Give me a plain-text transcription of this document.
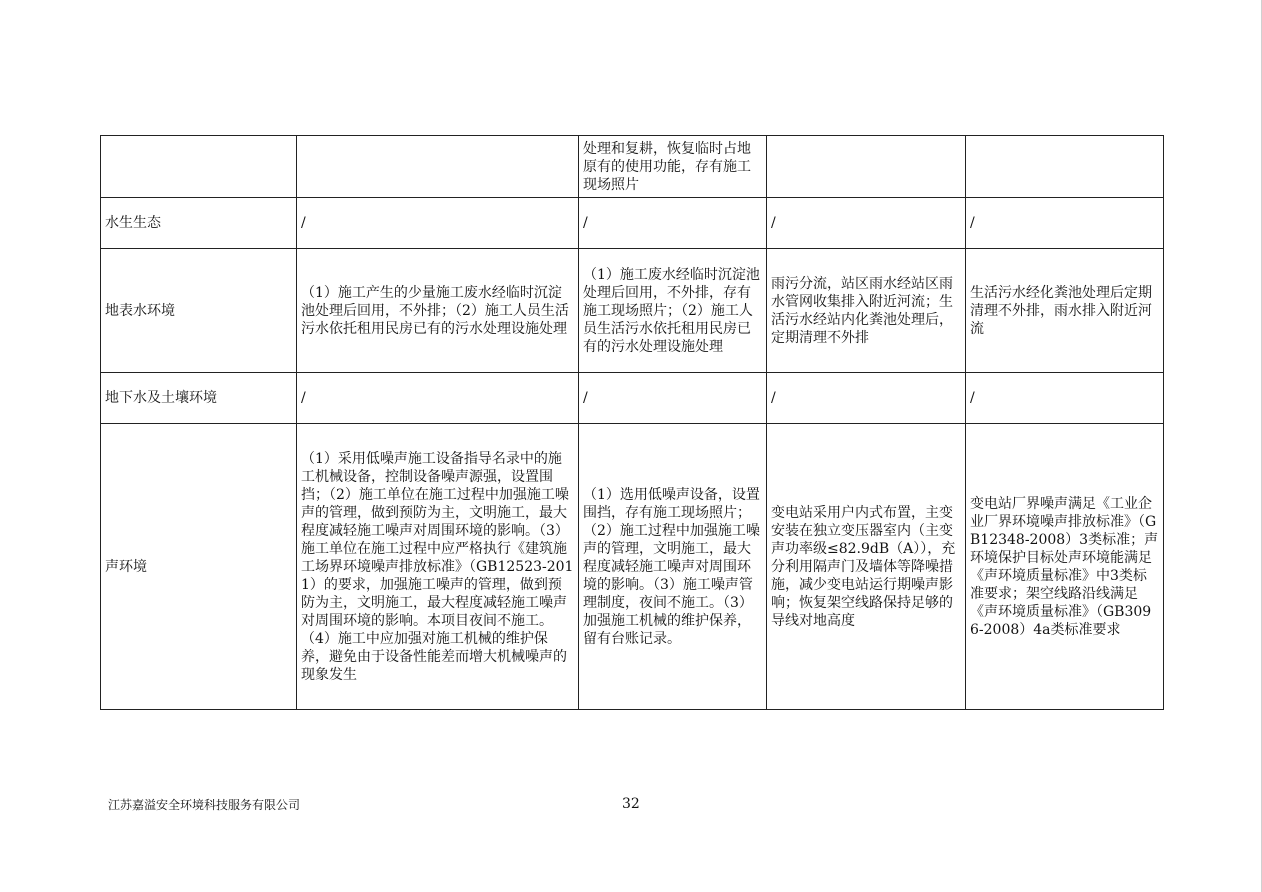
		处理和复耕，恢复临时占地原有的使用功能，存有施工现场照片		
水生生态	/	/	/	/
地表水环境	（1）施工产生的少量施工废水经临时沉淀池处理后回用，不外排；（2）施工人员生活污水依托租用民房已有的污水处理设施处理	（1）施工废水经临时沉淀池处理后回用，不外排，存有施工现场照片；（2）施工人员生活污水依托租用民房已有的污水处理设施处理	雨污分流，站区雨水经站区雨水管网收集排入附近河流；生活污水经站内化粪池处理后，定期清理不外排	生活污水经化粪池处理后定期清理不外排，雨水排入附近河流
地下水及土壤环境	/	/	/	/
声环境	（1）采用低噪声施工设备指导名录中的施工机械设备，控制设备噪声源强，设置围挡；（2）施工单位在施工过程中加强施工噪声的管理，做到预防为主，文明施工，最大程度减轻施工噪声对周围环境的影响。（3）施工单位在施工过程中应严格执行《建筑施工场界环境噪声排放标准》（GB12523-2011）的要求，加强施工噪声的管理，做到预防为主，文明施工，最大程度减轻施工噪声对周围环境的影响。本项目夜间不施工。（4）施工中应加强对施工机械的维护保养，避免由于设备性能差而增大机械噪声的现象发生	（1）选用低噪声设备，设置围挡，存有施工现场照片；（2）施工过程中加强施工噪声的管理，文明施工，最大程度减轻施工噪声对周围环境的影响。（3）施工噪声管理制度，夜间不施工。（3）加强施工机械的维护保养，留有台账记录。	变电站采用户内式布置，主变安装在独立变压器室内（主变声功率级≤82.9dB（A）），充分利用隔声门及墙体等降噪措施，减少变电站运行期噪声影响；恢复架空线路保持足够的导线对地高度	变电站厂界噪声满足《工业企业厂界环境噪声排放标准》（GB12348-2008）3类标准；声环境保护目标处声环境能满足《声环境质量标准》中3类标准要求；架空线路沿线满足《声环境质量标准》（GB3096-2008）4a类标准要求
江苏嘉溢安全环境科技服务有限公司	32
